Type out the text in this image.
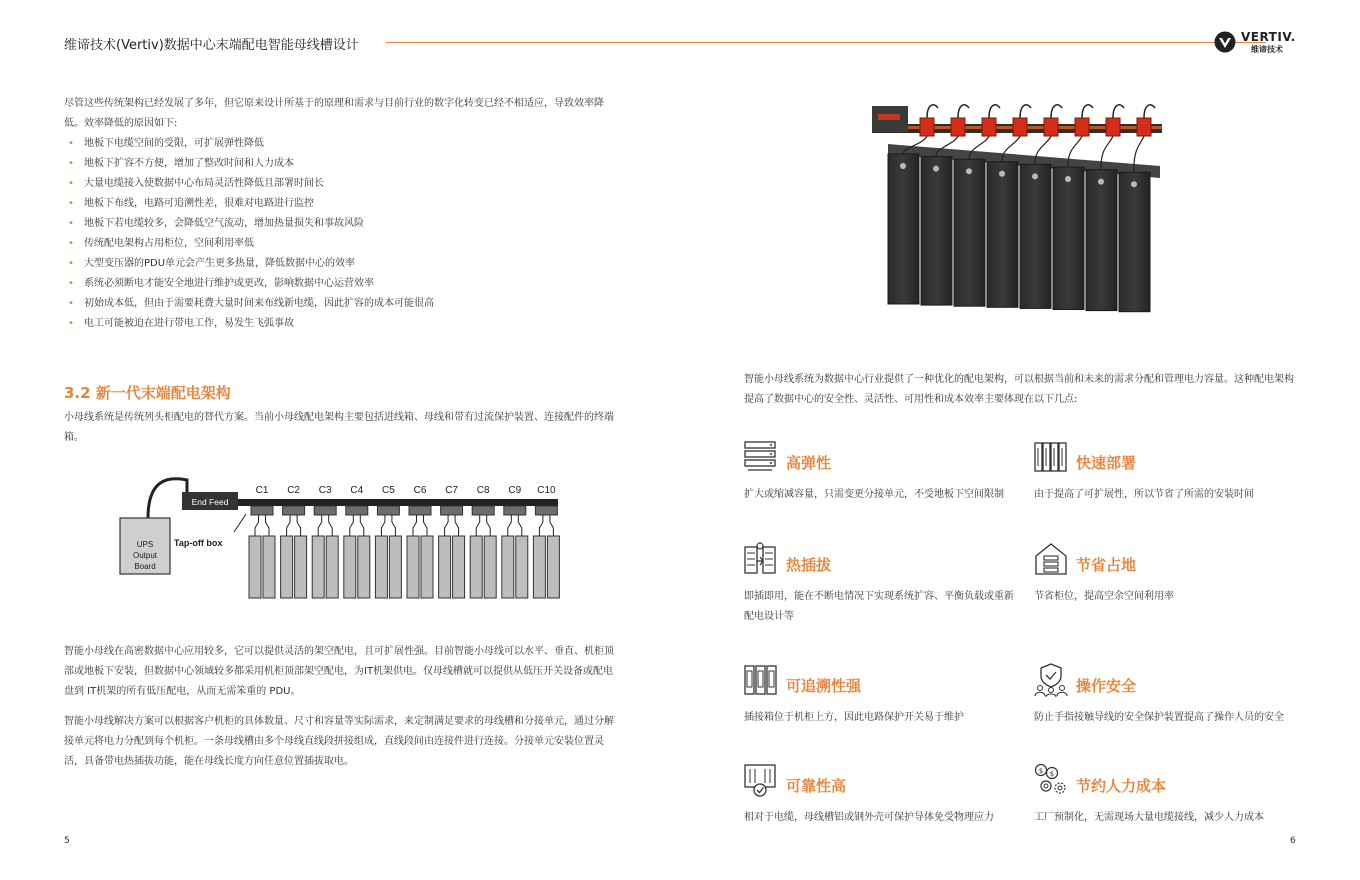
维谛技术(Vertiv)数据中心末端配电智能母线槽设计
VERTIV.
维谛技术

尽管这些传统架构已经发展了多年，但它原来设计所基于的原理和需求与目前行业的数字化转变已经不相适应，导致效率降低。效率降低的原因如下:

• 地板下电缆空间的受限，可扩展弹性降低
• 地板下扩容不方便，增加了整改时间和人力成本
• 大量电缆接入使数据中心布局灵活性降低且部署时间长
• 地板下布线，电路可追溯性差，很难对电路进行监控
• 地板下若电缆较多，会降低空气流动，增加热量损失和事故风险
• 传统配电架构占用柜位，空间利用率低
• 大型变压器的PDU单元会产生更多热量，降低数据中心的效率
• 系统必须断电才能安全地进行维护或更改，影响数据中心运营效率
• 初始成本低，但由于需要耗费大量时间来布线新电缆，因此扩容的成本可能很高
• 电工可能被迫在进行带电工作，易发生飞弧事故
3.2 新一代末端配电架构

小母线系统是传统列头柜配电的替代方案。当前小母线配电架构主要包括进线箱、母线和带有过流保护装置、连接配件的终端箱。

UPS
Output
Board
End Feed
C1 C2 C3 C4 C5 C6 C7 C8 C9 C10
Tap-off box

智能小母线在高密数据中心应用较多，它可以提供灵活的架空配电，且可扩展性强。目前智能小母线可以水平、垂直、机柜顶部或地板下安装，但数据中心领域较多都采用机柜顶部架空配电，为IT机架供电。仅母线槽就可以提供从低压开关设备或配电盘到 IT机架的所有低压配电，从而无需笨重的 PDU。

智能小母线解决方案可以根据客户机柜的具体数量、尺寸和容量等实际需求，来定制满足要求的母线槽和分接单元，通过分解接单元将电力分配到每个机柜。一条母线槽由多个母线直线段拼接组成，直线段间由连接件进行连接。分接单元安装位置灵活，具备带电热插拔功能，能在母线长度方向任意位置插拔取电。

5

智能小母线系统为数据中心行业提供了一种优化的配电架构，可以根据当前和未来的需求分配和管理电力容量。这种配电架构提高了数据中心的安全性、灵活性、可用性和成本效率主要体现在以下几点:

高弹性

扩大或缩减容量，只需变更分接单元，不受地板下空间限制

快速部署

由于提高了可扩展性，所以节省了所需的安装时间

热插拔

即插即用，能在不断电情况下实现系统扩容、平衡负载或重新配电设计等

节省占地

节省柜位，提高空余空间利用率

可追溯性强

插接箱位于机柜上方，因此电路保护开关易于维护

操作安全

防止手指接触导线的安全保护装置提高了操作人员的安全

可靠性高

相对于电缆，母线槽铝或钢外壳可保护导体免受物理应力

$ $
节约人力成本

工厂预制化，无需现场大量电缆接线，减少人力成本

6
